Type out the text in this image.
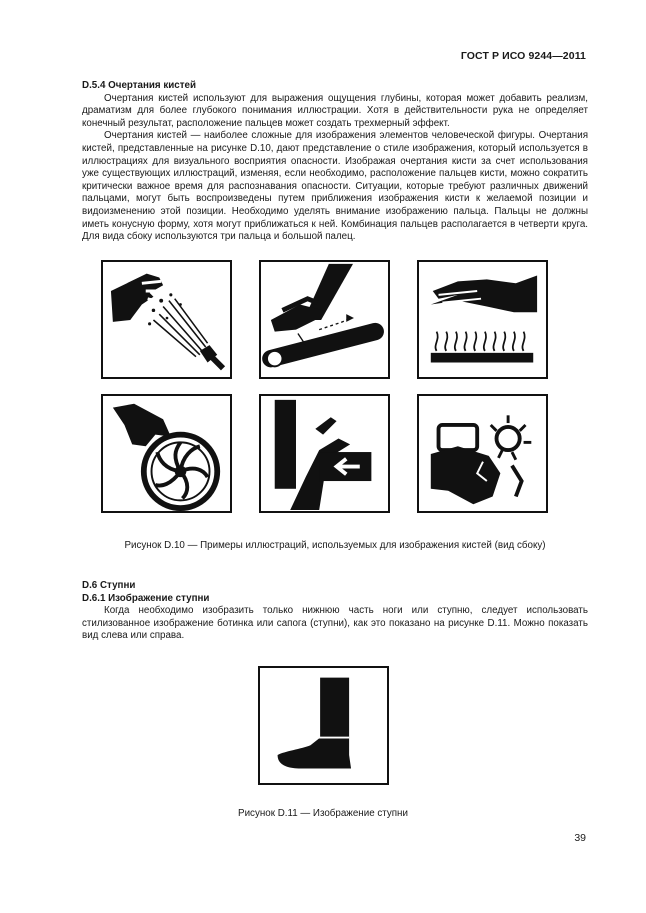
ГОСТ Р ИСО 9244—2011

D.5.4 Очертания кистей

Очертания кистей используют для выражения ощущения глубины, которая может добавить реализм, драматизм для более глубокого понимания иллюстрации. Хотя в действительности рука не определяет конечный результат, расположение пальцев может создать трехмерный эффект.

Очертания кистей — наиболее сложные для изображения элементов человеческой фигуры. Очертания кистей, представленные на рисунке D.10, дают представление о стиле изображения, который используется в иллюстрациях для визуального восприятия опасности. Изображая очертания кисти за счет использования уже существующих иллюстраций, изменяя, если необходимо, расположение пальцев кисти, можно сократить критически важное время для распознавания опасности. Ситуации, которые требуют различных движений пальцами, могут быть воспроизведены путем приближения изображения кисти к желаемой позиции и видоизменению этой позиции. Необходимо уделять внимание изображению пальца. Пальцы не должны иметь конусную форму, хотя могут приближаться к ней. Комбинация пальцев располагается в четверти круга. Для вида сбоку используются три пальца и большой палец.

Рисунок D.10 — Примеры иллюстраций, используемых для изображения кистей (вид сбоку)

D.6 Ступни

D.6.1 Изображение ступни

Когда необходимо изобразить только нижнюю часть ноги или ступню, следует использовать стилизованное изображение ботинка или сапога (ступни), как это показано на рисунке D.11. Можно показать вид слева или справа.

Рисунок D.11 — Изображение ступни
39
